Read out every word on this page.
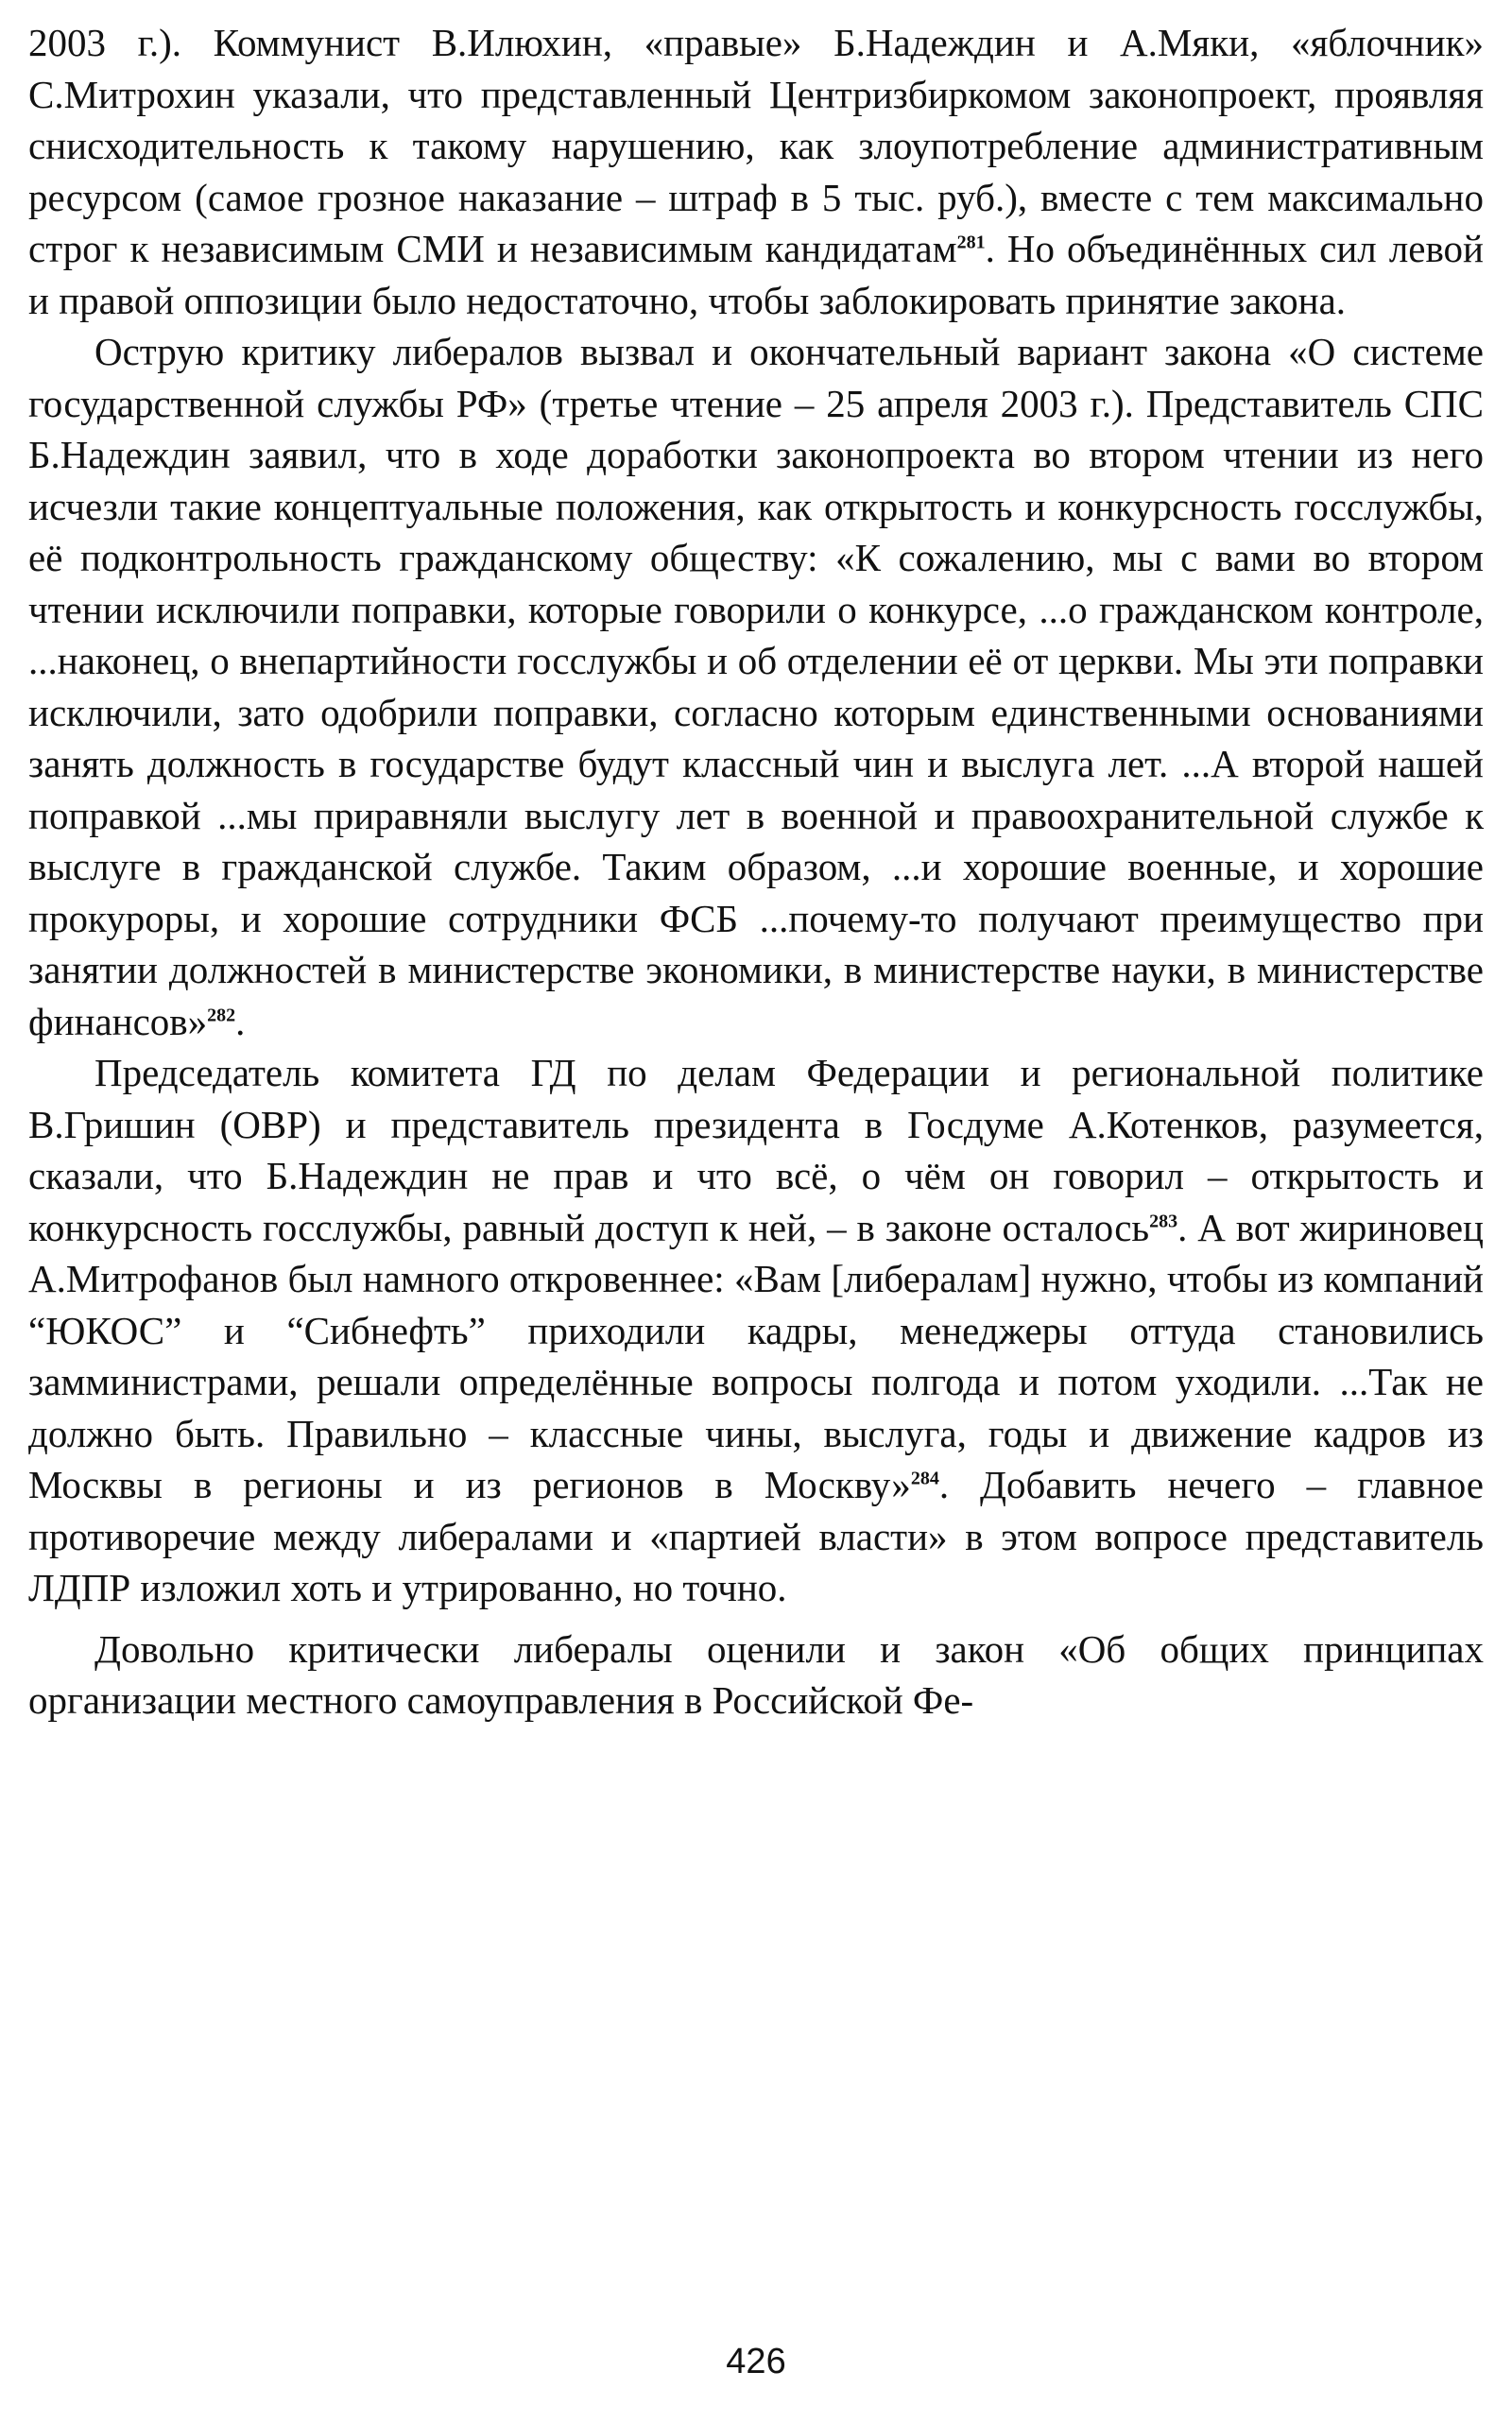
2003 г.). Коммунист В.Илюхин, «правые» Б.Надеждин и А.Мяки, «яблочник» С.Митрохин указали, что представленный Центризбиркомом законопроект, проявляя снисходительность к такому нарушению, как злоупотребление административным ресурсом (самое грозное наказание – штраф в 5 тыс. руб.), вместе с тем максимально строг к независимым СМИ и независимым кандидатам$^{281}$. Но объединённых сил левой и правой оппозиции было недостаточно, чтобы заблокировать принятие закона.

Острую критику либералов вызвал и окончательный вариант закона «О системе государственной службы РФ» (третье чтение – 25 апреля 2003 г.). Представитель СПС Б.Надеждин заявил, что в ходе доработки законопроекта во втором чтении из него исчезли такие концептуальные положения, как открытость и конкурсность госслужбы, её подконтрольность гражданскому обществу: «К сожалению, мы с вами во втором чтении исключили поправки, которые говорили о конкурсе, ...о гражданском контроле, ...наконец, о внепартийности госслужбы и об отделении её от церкви. Мы эти поправки исключили, зато одобрили поправки, согласно которым единственными основаниями занять должность в государстве будут классный чин и выслуга лет. ...А второй нашей поправкой ...мы приравняли выслугу лет в военной и правоохранительной службе к выслуге в гражданской службе. Таким образом, ...и хорошие военные, и хорошие прокуроры, и хорошие сотрудники ФСБ ...почему-то получают преимущество при занятии должностей в министерстве экономики, в министерстве науки, в министерстве финансов»$^{282}$.

Председатель комитета ГД по делам Федерации и региональной политике В.Гришин (ОВР) и представитель президента в Госдуме А.Котенков, разумеется, сказали, что Б.Надеждин не прав и что всё, о чём он говорил – открытость и конкурсность госслужбы, равный доступ к ней, – в законе осталось$^{283}$. А вот жириновец А.Митрофанов был намного откровеннее: «Вам [либералам] нужно, чтобы из компаний “ЮКОС” и “Сибнефть” приходили кадры, менеджеры оттуда становились замминистрами, решали определённые вопросы полгода и потом уходили. ...Так не должно быть. Правильно – классные чины, выслуга, годы и движение кадров из Москвы в регионы и из регионов в Москву»$^{284}$. Добавить нечего – главное противоречие между либералами и «партией власти» в этом вопросе представитель ЛДПР изложил хоть и утрированно, но точно.

Довольно критически либералы оценили и закон «Об общих принципах организации местного самоуправления в Российской Фе-

426
